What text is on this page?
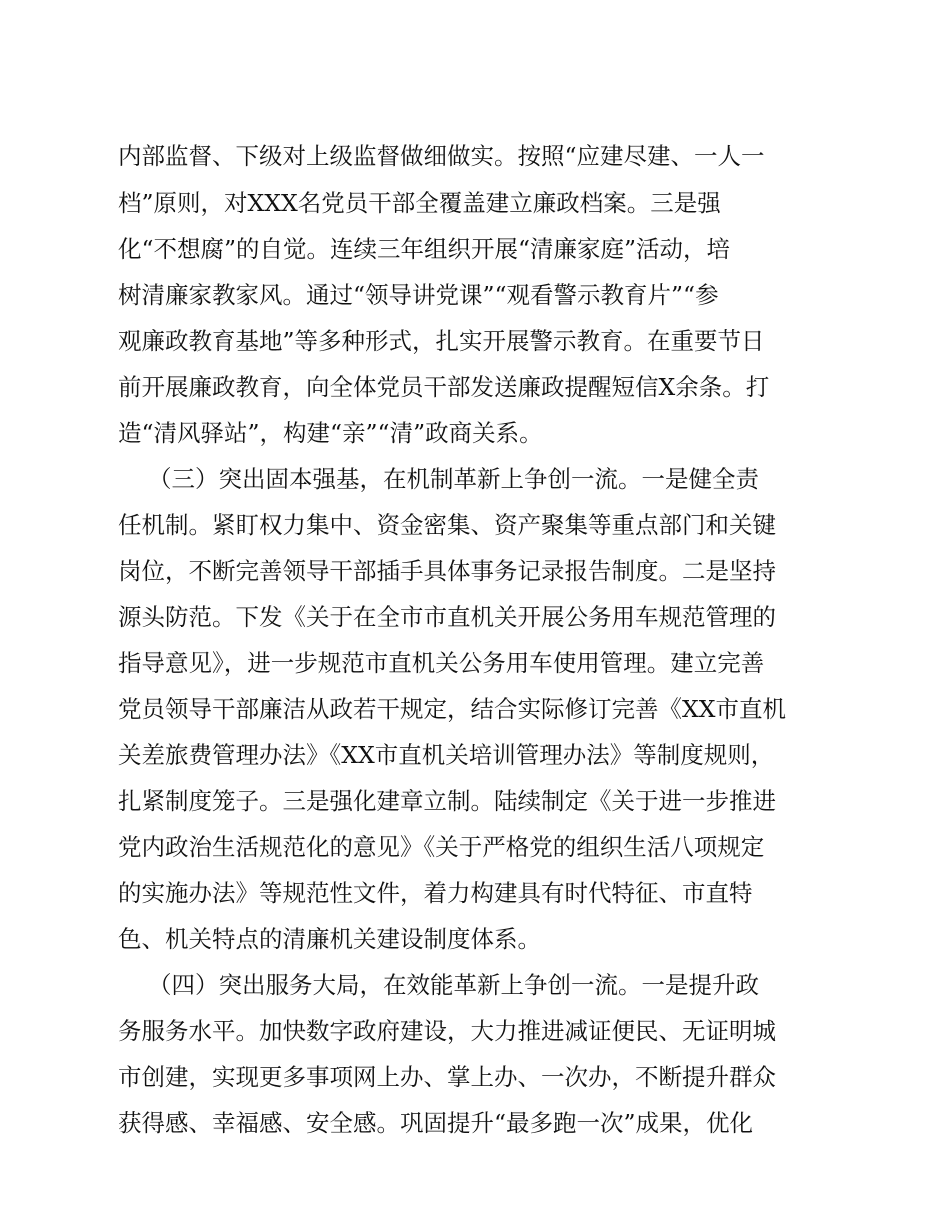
内部监督、下级对上级监督做细做实。按照“应建尽建、一人一
档”原则，对XXX名党员干部全覆盖建立廉政档案。三是强
化“不想腐”的自觉。连续三年组织开展“清廉家庭”活动，培
树清廉家教家风。通过“领导讲党课”“观看警示教育片”“参
观廉政教育基地”等多种形式，扎实开展警示教育。在重要节日
前开展廉政教育，向全体党员干部发送廉政提醒短信X余条。打
造“清风驿站”，构建“亲”“清”政商关系。
（三）突出固本强基，在机制革新上争创一流。一是健全责
任机制。紧盯权力集中、资金密集、资产聚集等重点部门和关键
岗位，不断完善领导干部插手具体事务记录报告制度。二是坚持
源头防范。下发《关于在全市市直机关开展公务用车规范管理的
指导意见》，进一步规范市直机关公务用车使用管理。建立完善
党员领导干部廉洁从政若干规定，结合实际修订完善《XX市直机
关差旅费管理办法》《XX市直机关培训管理办法》等制度规则，
扎紧制度笼子。三是强化建章立制。陆续制定《关于进一步推进
党内政治生活规范化的意见》《关于严格党的组织生活八项规定
的实施办法》等规范性文件，着力构建具有时代特征、市直特
色、机关特点的清廉机关建设制度体系。
（四）突出服务大局，在效能革新上争创一流。一是提升政
务服务水平。加快数字政府建设，大力推进减证便民、无证明城
市创建，实现更多事项网上办、掌上办、一次办，不断提升群众
获得感、幸福感、安全感。巩固提升“最多跑一次”成果，优化
